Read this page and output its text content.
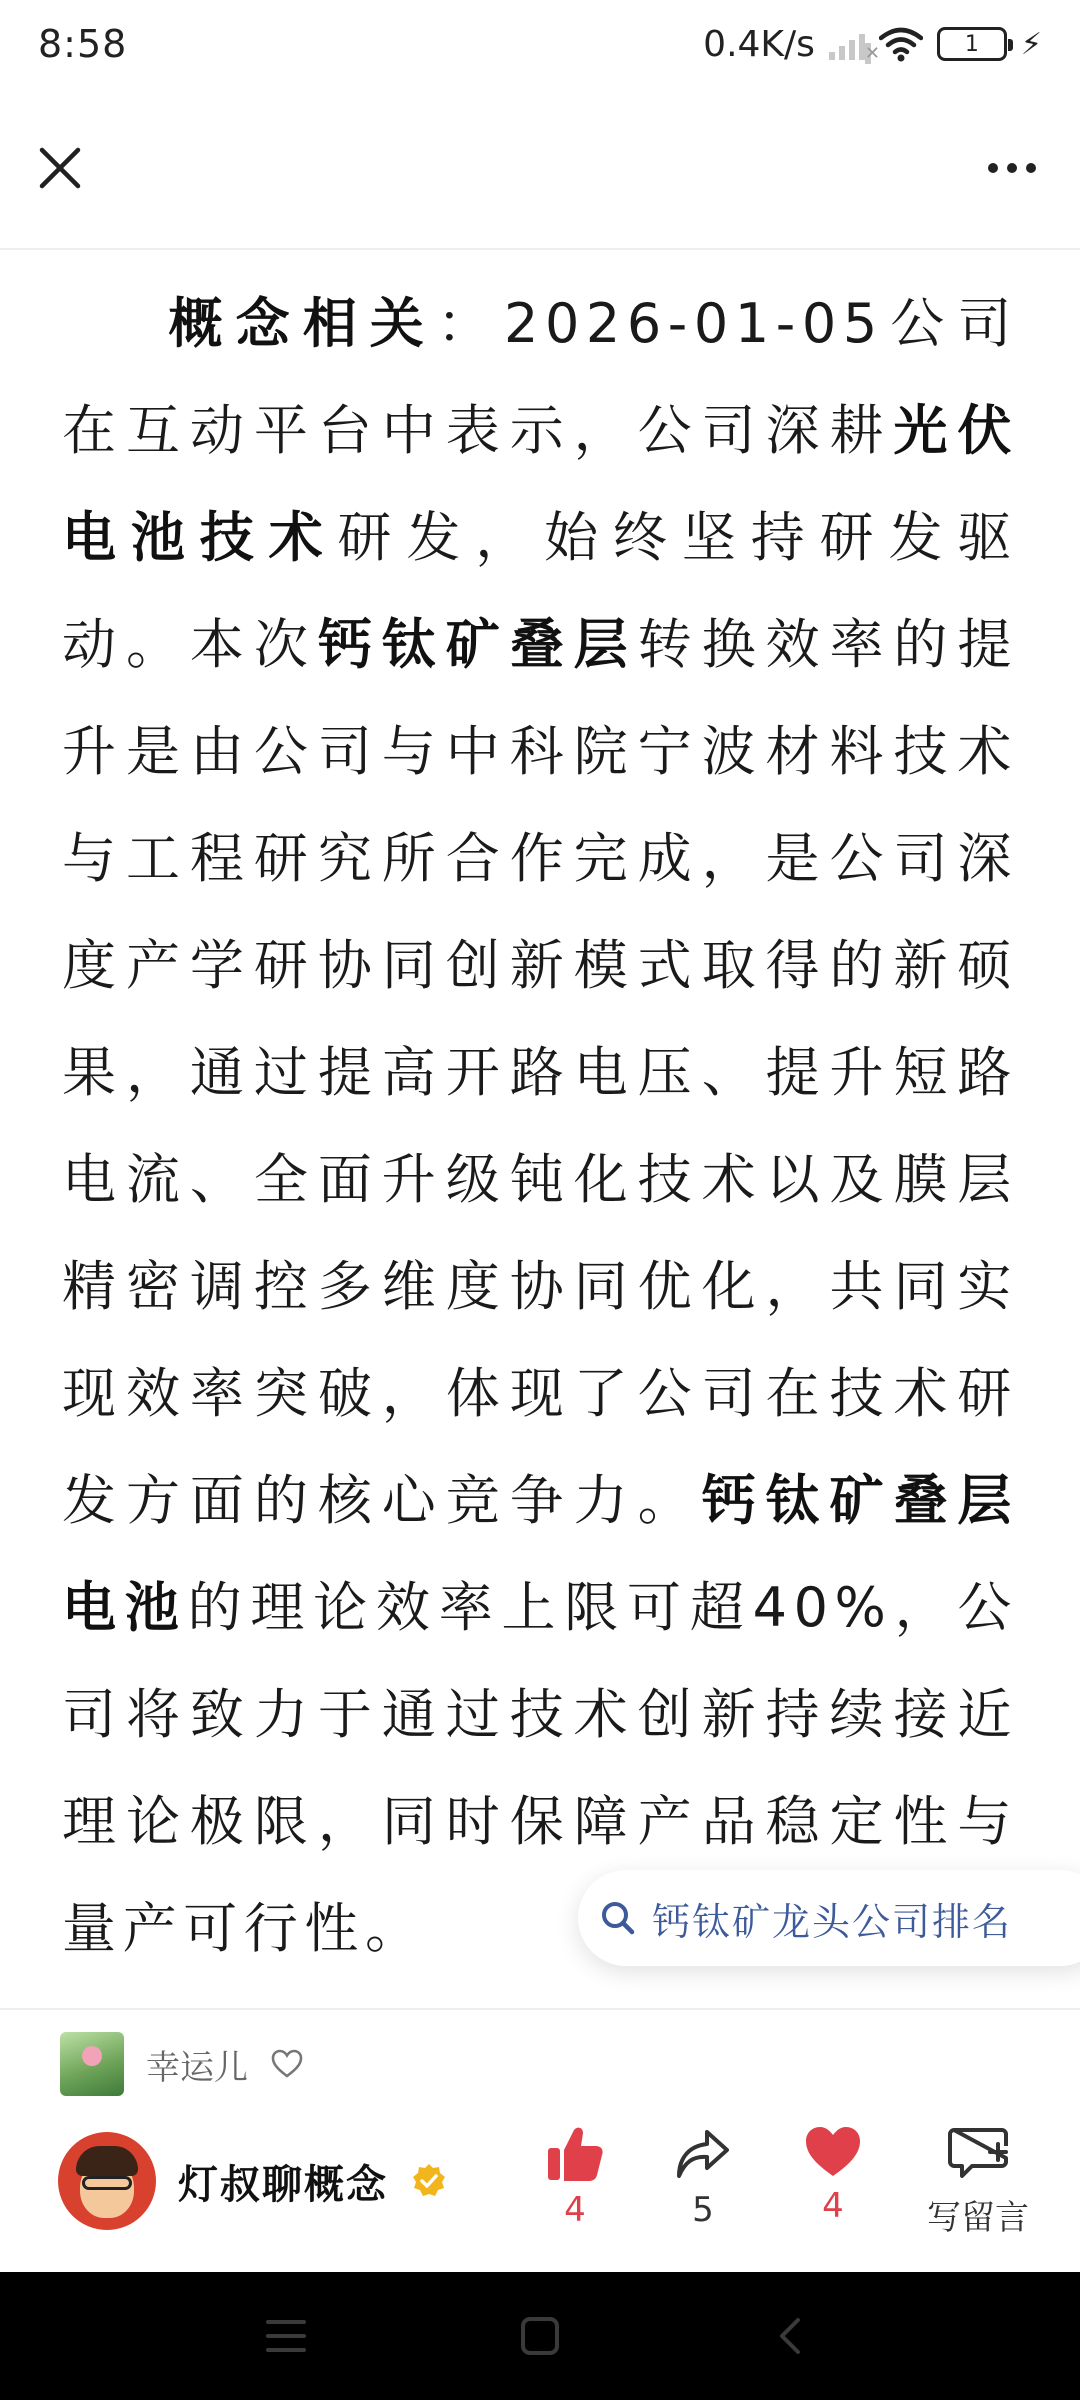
8:58	0.4K/s	✕	1 ⚡
概念相关：2026-01-05公司在互动平台中表示，公司深耕光伏电池技术研发，始终坚持研发驱动。本次钙钛矿叠层转换效率的提升是由公司与中科院宁波材料技术与工程研究所合作完成，是公司深度产学研协同创新模式取得的新硕果，通过提高开路电压、提升短路电流、全面升级钝化技术以及膜层精密调控多维度协同优化，共同实现效率突破，体现了公司在技术研发方面的核心竞争力。钙钛矿叠层电池的理论效率上限可超40%，公司将致力于通过技术创新持续接近理论极限，同时保障产品稳定性与量产可行性。	钙钛矿龙头公司排名
幸运儿
灯叔聊概念
4	5	4 写留言
